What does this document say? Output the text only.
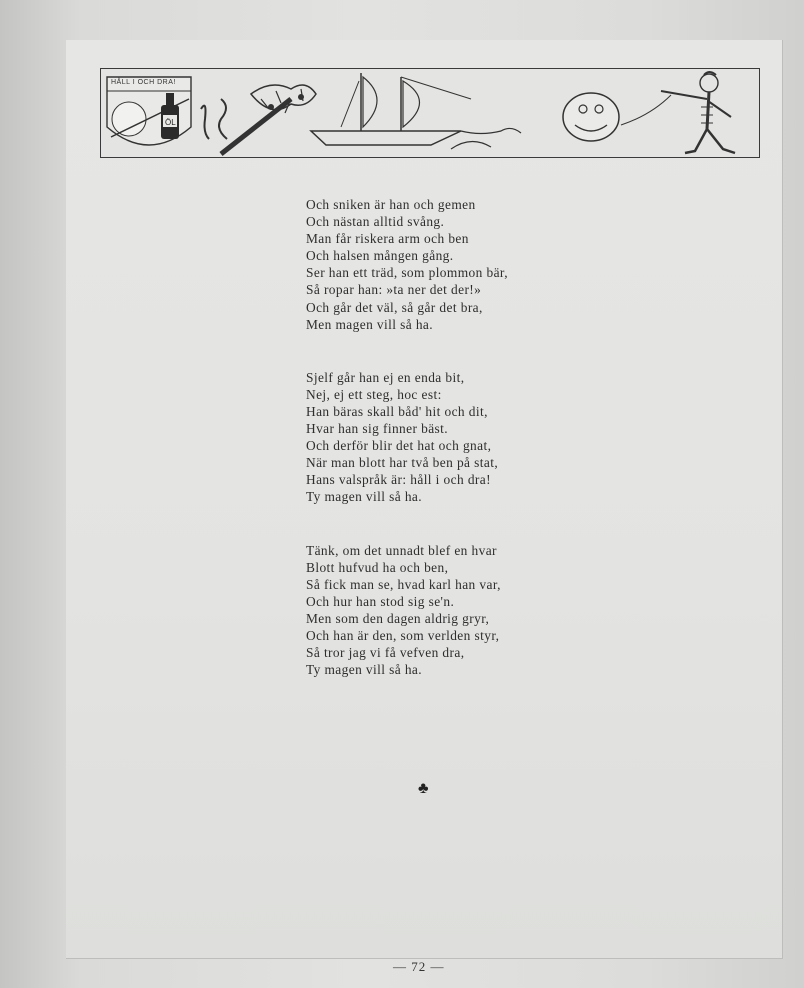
ÖL
HÅLL I OCH DRA!
Och sniken är han och gemen
Och nästan alltid svång.
Man får riskera arm och ben
Och halsen mången gång.
Ser han ett träd, som plommon bär,
Så ropar han: »ta ner det der!»
Och går det väl, så går det bra,
Men magen vill så ha.
Sjelf går han ej en enda bit,
Nej, ej ett steg, hoc est:
Han bäras skall båd' hit och dit,
Hvar han sig finner bäst.
Och derför blir det hat och gnat,
När man blott har två ben på stat,
Hans valspråk är: håll i och dra!
Ty magen vill så ha.
Tänk, om det unnadt blef en hvar
Blott hufvud ha och ben,
Så fick man se, hvad karl han var,
Och hur han stod sig se'n.
Men som den dagen aldrig gryr,
Och han är den, som verlden styr,
Så tror jag vi få vefven dra,
Ty magen vill så ha.
♣
— 72 —
